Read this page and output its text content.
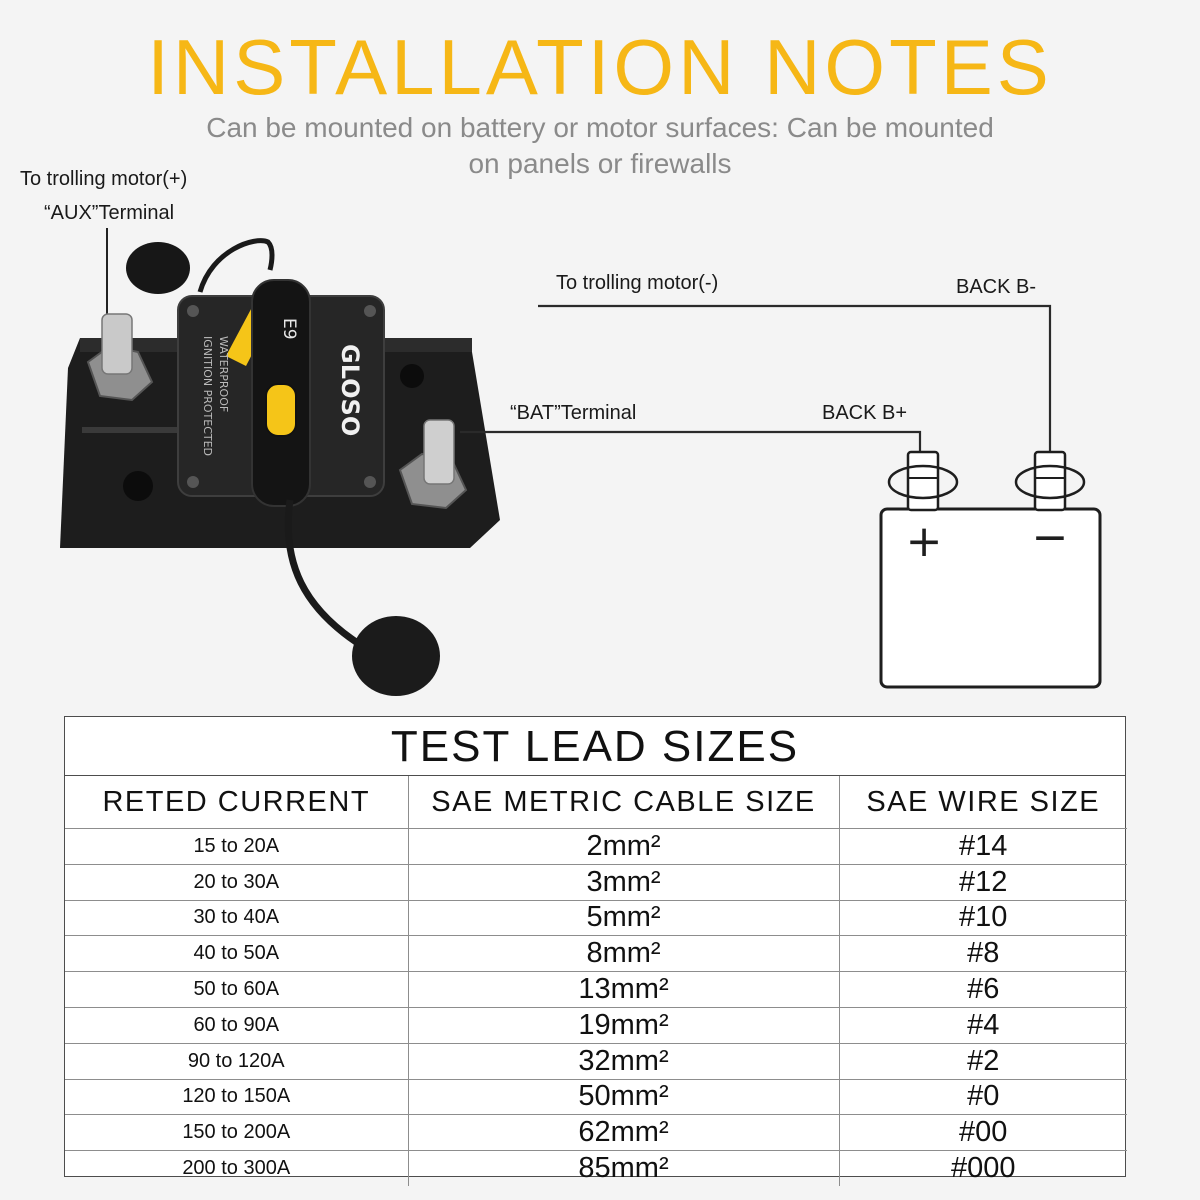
INSTALLATION NOTES
Can be mounted on battery or motor surfaces: Can be mounted on panels or firewalls
E9
GLOSO
WATERPROOF
IGNITION PROTECTED
+ −
To trolling motor(+)
“AUX”Terminal
To trolling motor(-)	BACK B-
“BAT”Terminal	BACK B+
TEST LEAD SIZES
RETED CURRENT	SAE METRIC CABLE SIZE	SAE WIRE SIZE
15 to 20A	2mm²	#14
20 to 30A	3mm²	#12
30 to 40A	5mm²	#10
40 to 50A	8mm²	#8
50 to 60A	13mm²	#6
60 to 90A	19mm²	#4
90 to 120A	32mm²	#2
120 to 150A	50mm²	#0
150 to 200A	62mm²	#00
200 to 300A	85mm²	#000
